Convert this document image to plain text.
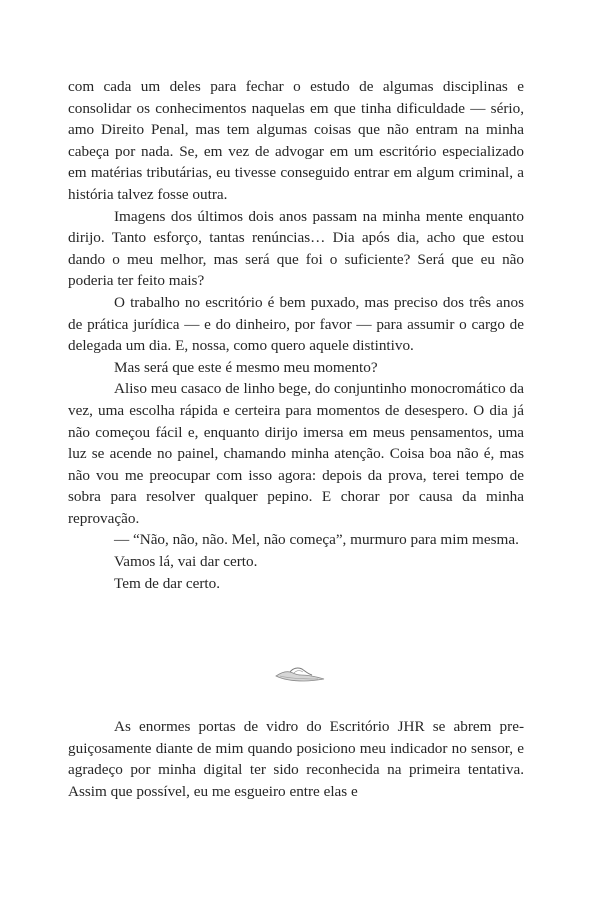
com cada um deles para fechar o estudo de algumas disciplinas e consolidar os conhecimentos naquelas em que tinha dificuldade — sério, amo Direito Penal, mas tem algumas coisas que não entram na minha cabeça por nada. Se, em vez de advogar em um escritório especializado em matérias tributárias, eu tivesse conseguido entrar em algum criminal, a história talvez fosse outra.

Imagens dos últimos dois anos passam na minha mente enquanto dirijo. Tanto esforço, tantas renúncias… Dia após dia, acho que estou dando o meu melhor, mas será que foi o suficiente? Será que eu não poderia ter feito mais?

O trabalho no escritório é bem puxado, mas preciso dos três anos de prática jurídica — e do dinheiro, por favor — para assumir o cargo de delegada um dia. E, nossa, como quero aquele distintivo.

Mas será que este é mesmo meu momento?

Aliso meu casaco de linho bege, do conjuntinho monocromático da vez, uma escolha rápida e certeira para momentos de desespero. O dia já não começou fácil e, enquanto dirijo imersa em meus pensamentos, uma luz se acende no painel, chamando minha atenção. Coisa boa não é, mas não vou me preocupar com isso agora: depois da prova, terei tempo de sobra para resolver qualquer pepino. E chorar por causa da minha reprovação.

— “Não, não, não. Mel, não começa”, murmuro para mim mesma.

Vamos lá, vai dar certo.

Tem de dar certo.

As enormes portas de vidro do Escritório JHR se abrem preguiçosamente diante de mim quando posiciono meu indicador no sensor, e agradeço por minha digital ter sido reconhecida na primeira tentativa. Assim que possível, eu me esgueiro entre elas e
